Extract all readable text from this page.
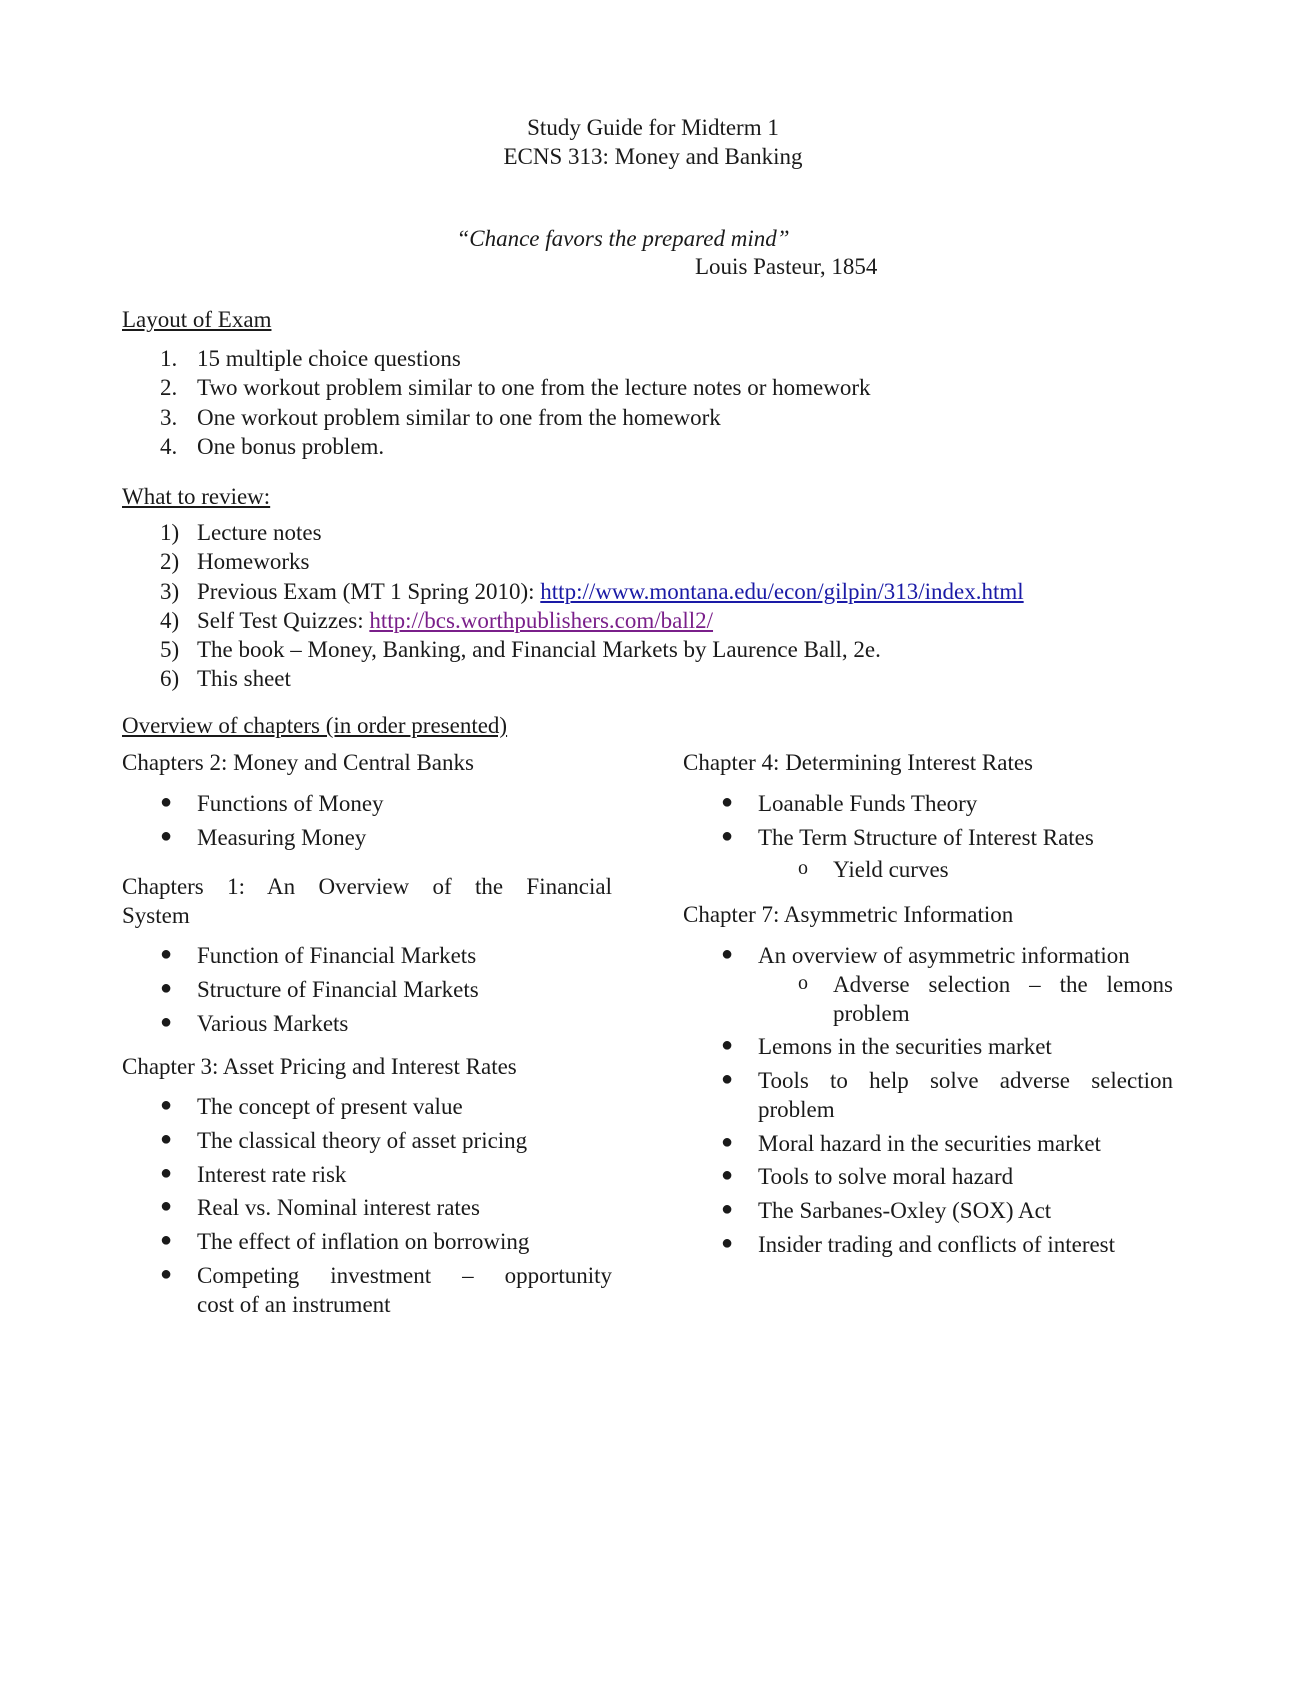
Study Guide for Midterm 1
ECNS 313: Money and Banking
“Chance favors the prepared mind”
Louis Pasteur, 1854
Layout of Exam
1. 15 multiple choice questions
2. Two workout problem similar to one from the lecture notes or homework
3. One workout problem similar to one from the homework
4. One bonus problem.
What to review:
1) Lecture notes
2) Homeworks
3) Previous Exam (MT 1 Spring 2010): http://www.montana.edu/econ/gilpin/313/index.html
4) Self Test Quizzes: http://bcs.worthpublishers.com/ball2/
5) The book – Money, Banking, and Financial Markets by Laurence Ball, 2e.
6) This sheet
Overview of chapters (in order presented)
Chapters 2: Money and Central Banks
● Functions of Money
● Measuring Money
Chapters 1: An Overview of the Financial
System
● Function of Financial Markets
● Structure of Financial Markets
● Various Markets
Chapter 3: Asset Pricing and Interest Rates
● The concept of present value
● The classical theory of asset pricing
● Interest rate risk
● Real vs. Nominal interest rates
● The effect of inflation on borrowing
● Competing investment – opportunity
cost of an instrument
Chapter 4: Determining Interest Rates
● Loanable Funds Theory
● The Term Structure of Interest Rates
o Yield curves
Chapter 7: Asymmetric Information
● An overview of asymmetric information
o Adverse selection – the lemons
problem
● Lemons in the securities market
● Tools to help solve adverse selection
problem
● Moral hazard in the securities market
● Tools to solve moral hazard
● The Sarbanes-Oxley (SOX) Act
● Insider trading and conflicts of interest
